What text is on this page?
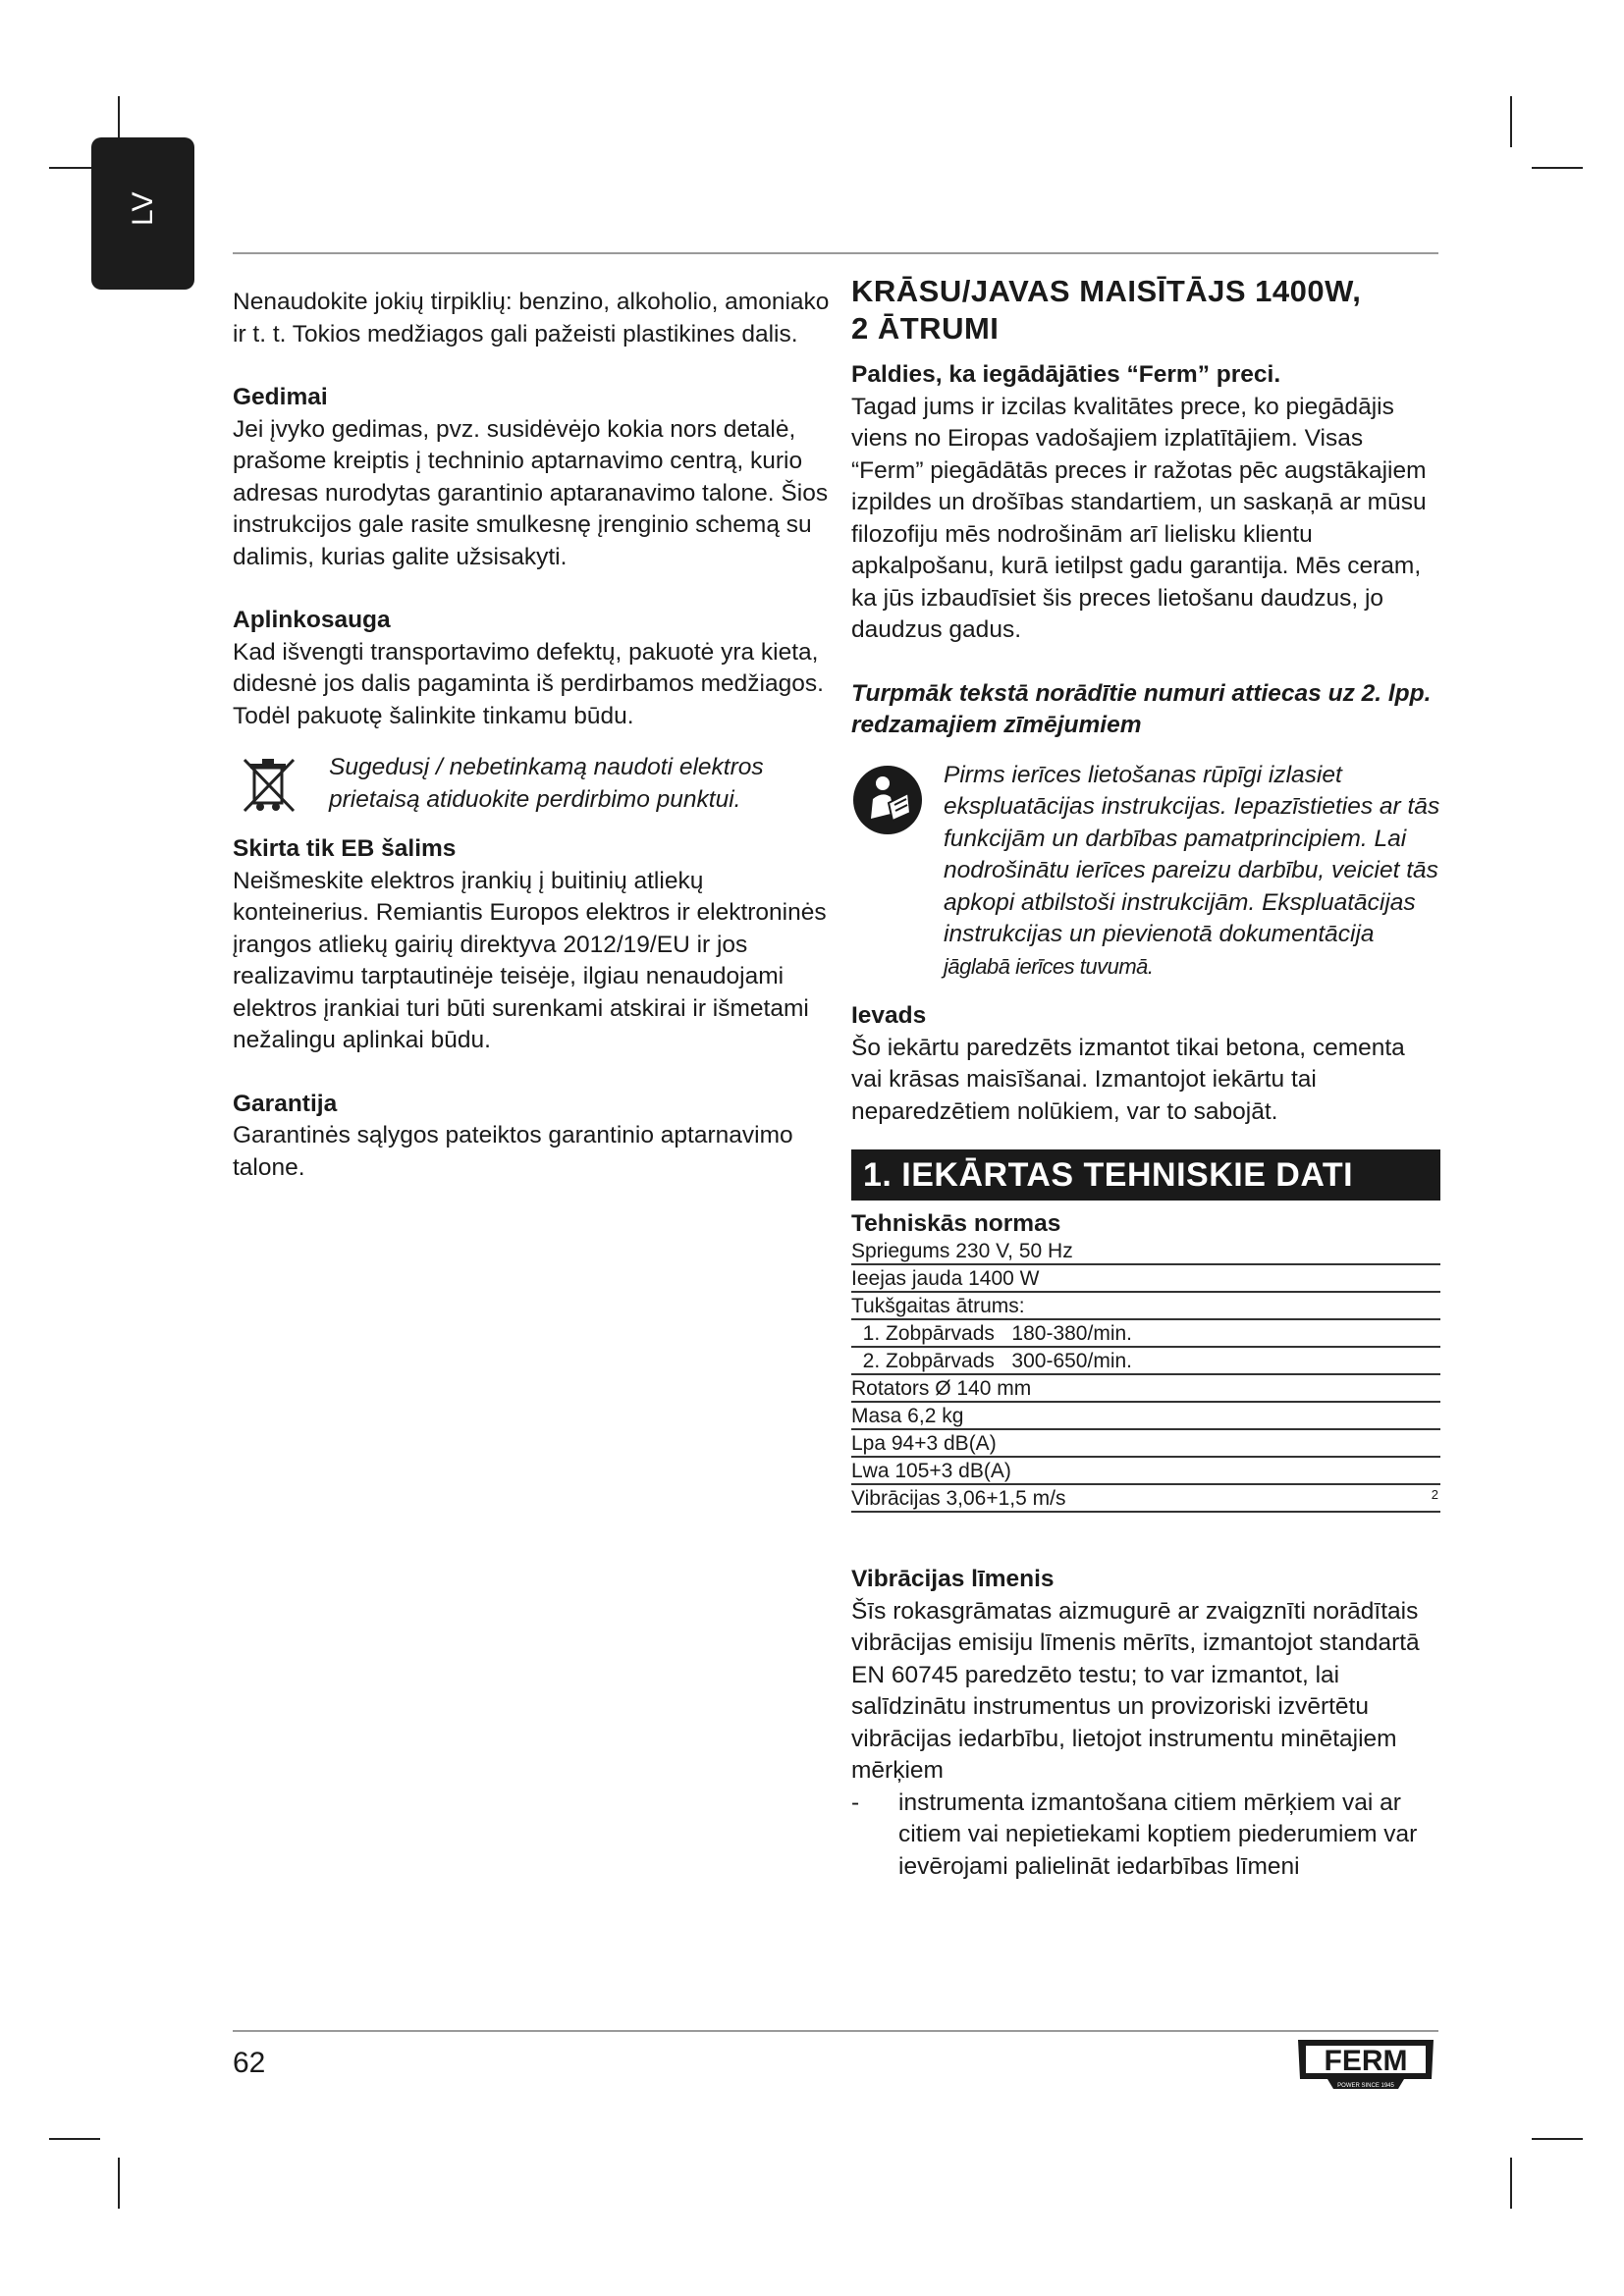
LV

Nenaudokite jokių tirpiklių: benzino, alkoholio, amoniako ir t. t. Tokios medžiagos gali pažeisti plastikines dalis.

Gedimai

Jei įvyko gedimas, pvz. susidėvėjo kokia nors detalė, prašome kreiptis į techninio aptarnavimo centrą, kurio adresas nurodytas garantinio aptaranavimo talone. Šios instrukcijos gale rasite smulkesnę įrenginio schemą su dalimis, kurias galite užsisakyti.

Aplinkosauga

Kad išvengti transportavimo defektų, pakuotė yra kieta, didesnė jos dalis pagaminta iš perdirbamos medžiagos. Todėl pakuotę šalinkite tinkamu būdu.

Sugedusį / nebetinkamą naudoti elektros prietaisą atiduokite perdirbimo punktui.

Skirta tik EB šalims

Neišmeskite elektros įrankių į buitinių atliekų konteinerius. Remiantis Europos elektros ir elektroninės įrangos atliekų gairių direktyva 2012/19/EU ir jos realizavimu tarptautinėje teisėje, ilgiau nenaudojami elektros įrankiai turi būti surenkami atskirai ir išmetami nežalingu aplinkai būdu.

Garantija

Garantinės sąlygos pateiktos garantinio aptarnavimo talone.

KRĀSU/JAVAS MAISĪTĀJS 1400W,
2 ĀTRUMI

Paldies, ka iegādājāties “Ferm” preci.

Tagad jums ir izcilas kvalitātes prece, ko piegādājis viens no Eiropas vadošajiem izplatītājiem. Visas “Ferm” piegādātās preces ir ražotas pēc augstākajiem izpildes un drošības standartiem, un saskaņā ar mūsu filozofiju mēs nodrošinām arī lielisku klientu apkalpošanu, kurā ietilpst gadu garantija. Mēs ceram, ka jūs izbaudīsiet šis preces lietošanu daudzus, jo daudzus gadus.

Turpmāk tekstā norādītie numuri attiecas uz 2. lpp. redzamajiem zīmējumiem

Pirms ierīces lietošanas rūpīgi izlasiet ekspluatācijas instrukcijas. Iepazīstieties ar tās funkcijām un darbības pamatprincipiem. Lai nodrošinātu ierīces pareizu darbību, veiciet tās apkopi atbilstoši instrukcijām. Ekspluatācijas instrukcijas un pievienotā dokumentācija

jāglabā ierīces tuvumā.

Ievads

Šo iekārtu paredzēts izmantot tikai betona, cementa vai krāsas maisīšanai. Izmantojot iekārtu tai neparedzētiem nolūkiem, var to sabojāt.

1. IEKĀRTAS TEHNISKIE DATI

Tehniskās normas

Spriegums 230 V, 50 Hz
Ieejas jauda 1400 W
Tukšgaitas ātrums:
1. Zobpārvads   180-380/min.
2. Zobpārvads   300-650/min.
Rotators Ø 140 mm
Masa 6,2 kg
Lpa 94+3 dB(A)
Lwa 105+3 dB(A)
Vibrācijas 3,06+1,5 m/s	2

Vibrācijas līmenis

Šīs rokasgrāmatas aizmugurē ar zvaigznīti norādītais vibrācijas emisiju līmenis mērīts, izmantojot standartā EN 60745 paredzēto testu; to var izmantot, lai salīdzinātu instrumentus un provizoriski izvērtētu vibrācijas iedarbību, lietojot instrumentu minētajiem mērķiem

-	instrumenta izmantošana citiem mērķiem vai ar citiem vai nepietiekami koptiem piederumiem var ievērojami palielināt iedarbības līmeni

62	FERM
POWER SINCE 1945
